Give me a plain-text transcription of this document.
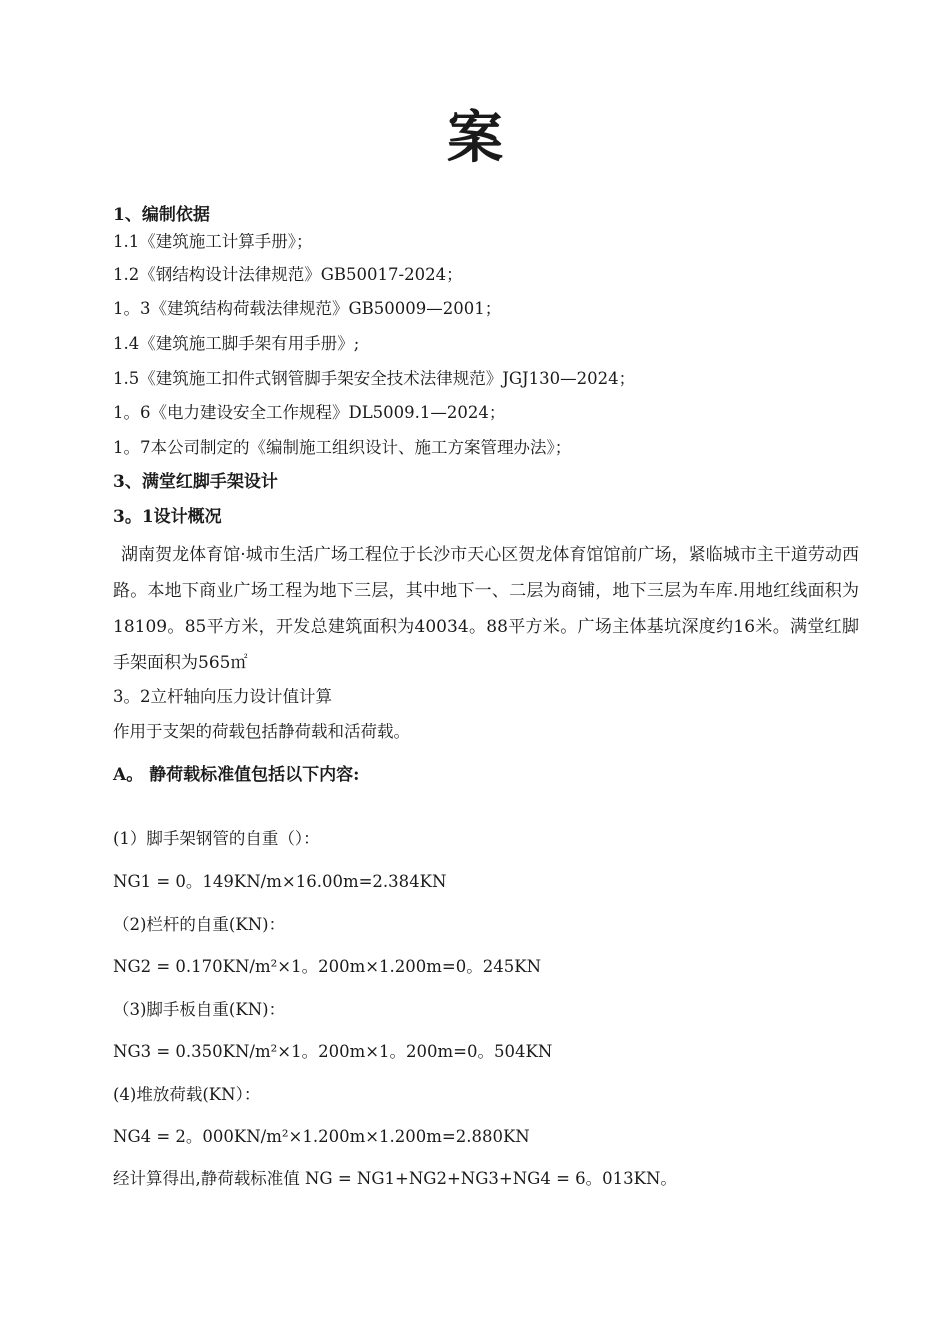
案
1、编制依据
1.1《建筑施工计算手册》；
1.2《钢结构设计法律规范》GB50017-2024；
1。3《建筑结构荷载法律规范》GB50009—2001；
1.4《建筑施工脚手架有用手册》;
1.5《建筑施工扣件式钢管脚手架安全技术法律规范》JGJ130—2024；
1。6《电力建设安全工作规程》DL5009.1—2024；
1。7本公司制定的《编制施工组织设计、施工方案管理办法》；
3、满堂红脚手架设计
3。1设计概况
湖南贺龙体育馆·城市生活广场工程位于长沙市天心区贺龙体育馆馆前广场，紧临城市主干道劳动西路。本地下商业广场工程为地下三层，其中地下一、二层为商铺，地下三层为车库.用地红线面积为18109。85平方米，开发总建筑面积为40034。88平方米。广场主体基坑深度约16米。满堂红脚手架面积为565㎡
3。2立杆轴向压力设计值计算
作用于支架的荷载包括静荷载和活荷载。
A。 静荷载标准值包括以下内容:
(1）脚手架钢管的自重（）：
NG1 = 0。149KN/m×16.00m=2.384KN
（2)栏杆的自重(KN)：
NG2 = 0.170KN/m²×1。200m×1.200m=0。245KN
（3)脚手板自重(KN)：
NG3 = 0.350KN/m²×1。200m×1。200m=0。504KN
(4)堆放荷载(KN）：
NG4 = 2。000KN/m²×1.200m×1.200m=2.880KN
经计算得出,静荷载标准值 NG = NG1+NG2+NG3+NG4 = 6。013KN。
